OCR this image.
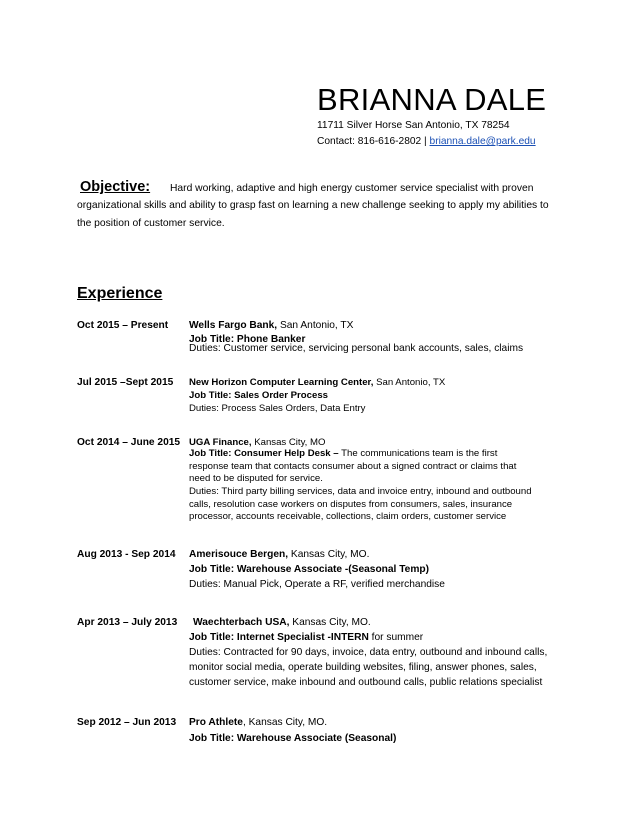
BRIANNA DALE
11711 Silver Horse San Antonio, TX 78254
Contact: 816-616-2802 | brianna.dale@park.edu
Objective: Hard working, adaptive and high energy customer service specialist with proven
organizational skills and ability to grasp fast on learning a new challenge seeking to apply my abilities to
the position of customer service.
Experience
Oct 2015 – Present Wells Fargo Bank, San Antonio, TX
Job Title: Phone Banker
Duties: Customer service, servicing personal bank accounts, sales, claims
Jul 2015 –Sept 2015 New Horizon Computer Learning Center, San Antonio, TX
Job Title: Sales Order Process
Duties: Process Sales Orders, Data Entry
Oct 2014 – June 2015 UGA Finance, Kansas City, MO
Job Title: Consumer Help Desk – The communications team is the first
response team that contacts consumer about a signed contract or claims that
need to be disputed for service.
Duties: Third party billing services, data and invoice entry, inbound and outbound
calls, resolution case workers on disputes from consumers, sales, insurance
processor, accounts receivable, collections, claim orders, customer service
Aug 2013 - Sep 2014 Amerisouce Bergen, Kansas City, MO.
Job Title: Warehouse Associate -(Seasonal Temp)
Duties: Manual Pick, Operate a RF, verified merchandise
Apr 2013 – July 2013 Waechterbach USA, Kansas City, MO.
Job Title: Internet Specialist -INTERN for summer
Duties: Contracted for 90 days, invoice, data entry, outbound and inbound calls,
monitor social media, operate building websites, filing, answer phones, sales,
customer service, make inbound and outbound calls, public relations specialist
Sep 2012 – Jun 2013 Pro Athlete, Kansas City, MO.
Job Title: Warehouse Associate (Seasonal)
